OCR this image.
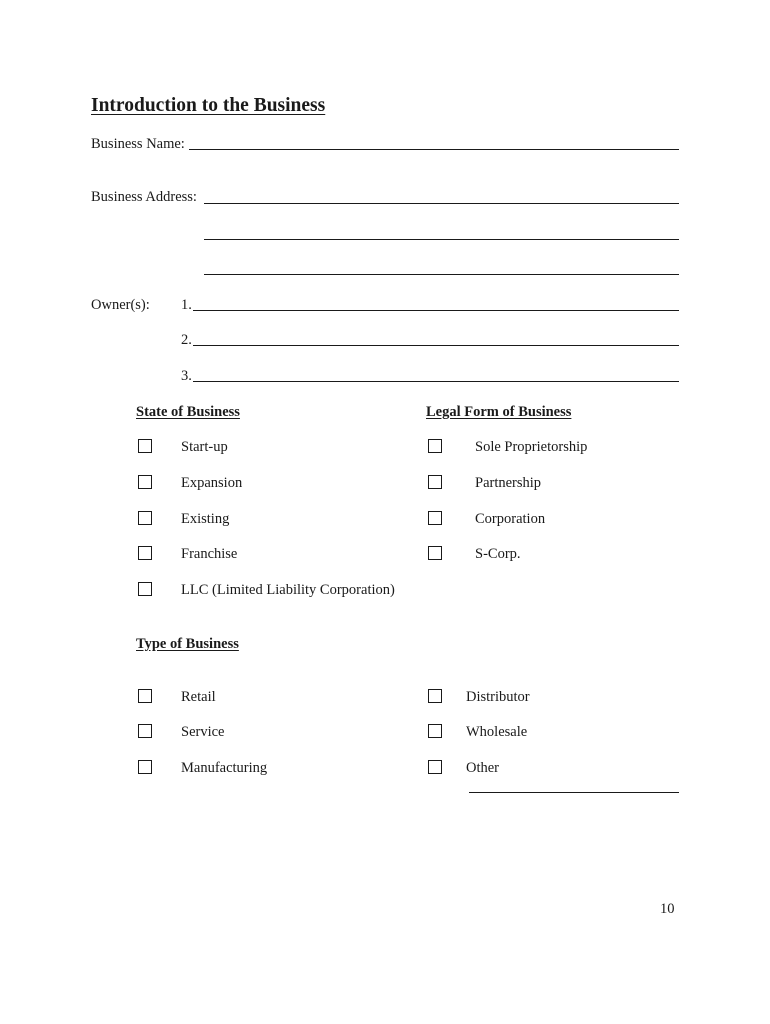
Introduction to the Business
Business Name:
Business Address:
Owner(s): 1.
2.
3.
State of Business
Start-up
Expansion
Existing
Franchise
LLC (Limited Liability Corporation)
Legal Form of Business
Sole Proprietorship
Partnership
Corporation
S-Corp.
Type of Business
Retail
Service
Manufacturing
Distributor
Wholesale
Other
10
